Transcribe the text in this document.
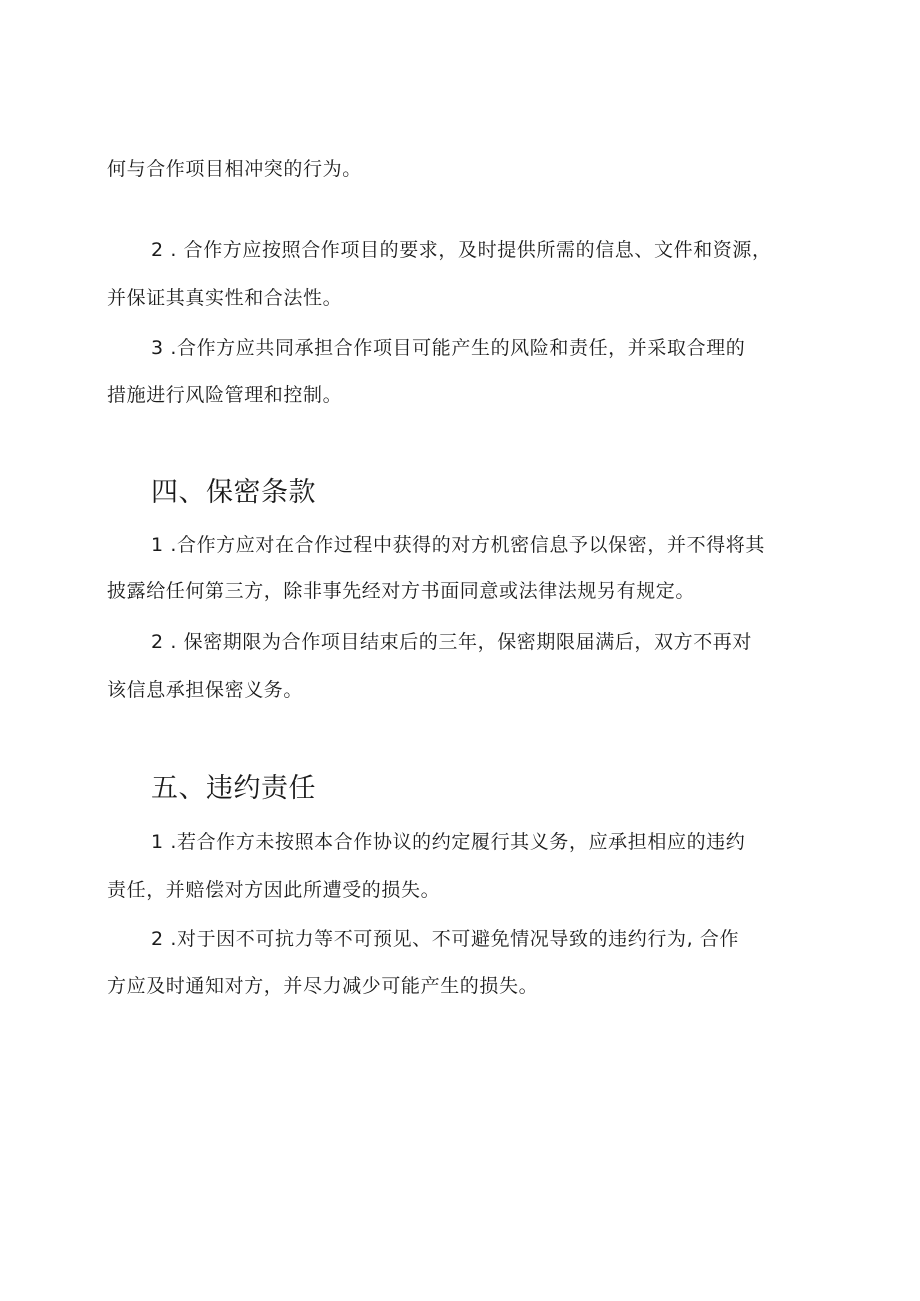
何与合作项目相冲突的行为。
2 . 合作方应按照合作项目的要求，及时提供所需的信息、文件和资源，
并保证其真实性和合法性。
3 .合作方应共同承担合作项目可能产生的风险和责任，并采取合理的
措施进行风险管理和控制。
四、保密条款
1 .合作方应对在合作过程中获得的对方机密信息予以保密，并不得将其
披露给任何第三方，除非事先经对方书面同意或法律法规另有规定。
2 . 保密期限为合作项目结束后的三年，保密期限届满后，双方不再对
该信息承担保密义务。
五、违约责任
1 .若合作方未按照本合作协议的约定履行其义务，应承担相应的违约
责任，并赔偿对方因此所遭受的损失。
2 .对于因不可抗力等不可预见、不可避免情况导致的违约行为, 合作
方应及时通知对方，并尽力减少可能产生的损失。
